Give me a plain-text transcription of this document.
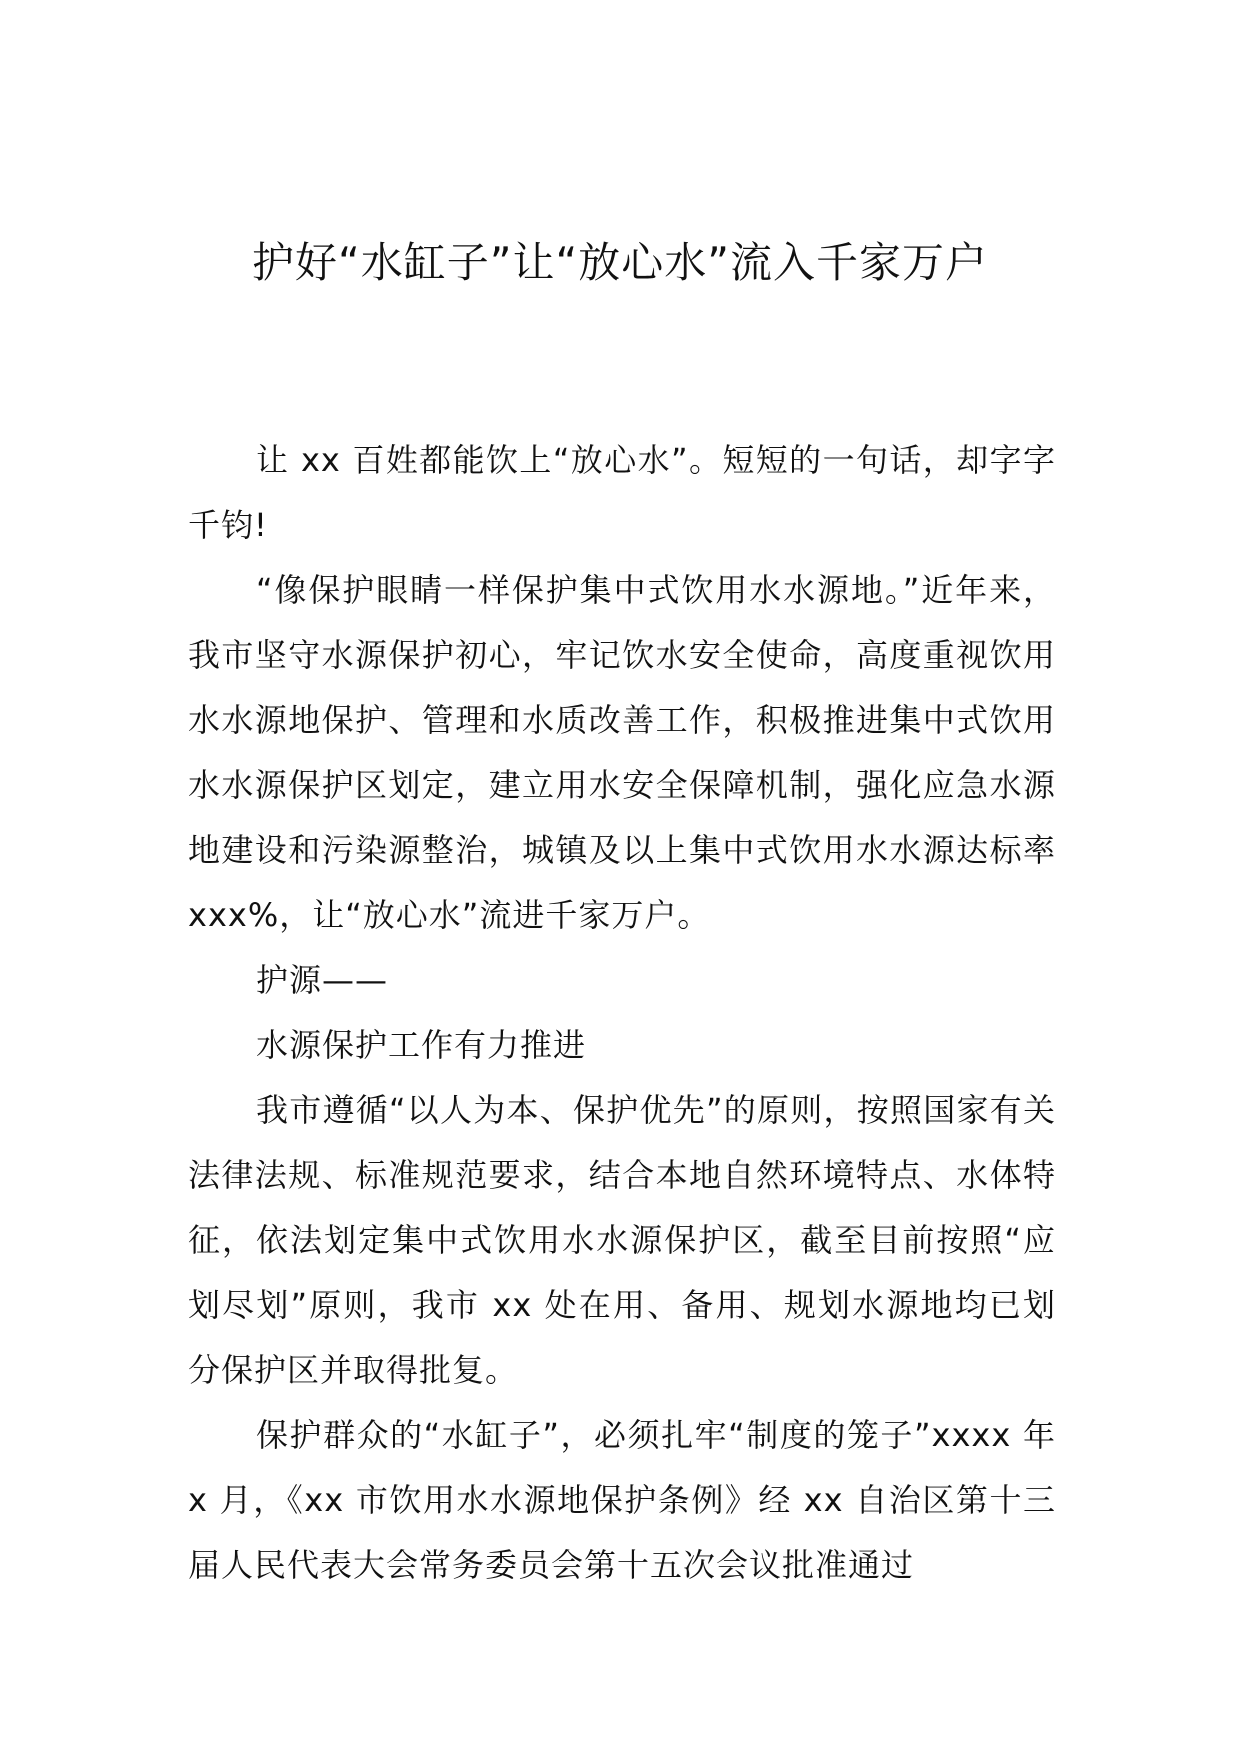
护好“水缸子”让“放心水”流入千家万户

让 xx 百姓都能饮上“放心水”。短短的一句话，却字字千钧!

“像保护眼睛一样保护集中式饮用水水源地。”近年来，我市坚守水源保护初心，牢记饮水安全使命，高度重视饮用水水源地保护、管理和水质改善工作，积极推进集中式饮用水水源保护区划定，建立用水安全保障机制，强化应急水源地建设和污染源整治，城镇及以上集中式饮用水水源达标率 xxx%，让“放心水”流进千家万户。

护源——

水源保护工作有力推进

我市遵循“以人为本、保护优先”的原则，按照国家有关法律法规、标准规范要求，结合本地自然环境特点、水体特征，依法划定集中式饮用水水源保护区，截至目前按照“应划尽划”原则，我市 xx 处在用、备用、规划水源地均已划分保护区并取得批复。

保护群众的“水缸子”，必须扎牢“制度的笼子”xxxx 年 x 月，《xx 市饮用水水源地保护条例》经 xx 自治区第十三届人民代表大会常务委员会第十五次会议批准通过
